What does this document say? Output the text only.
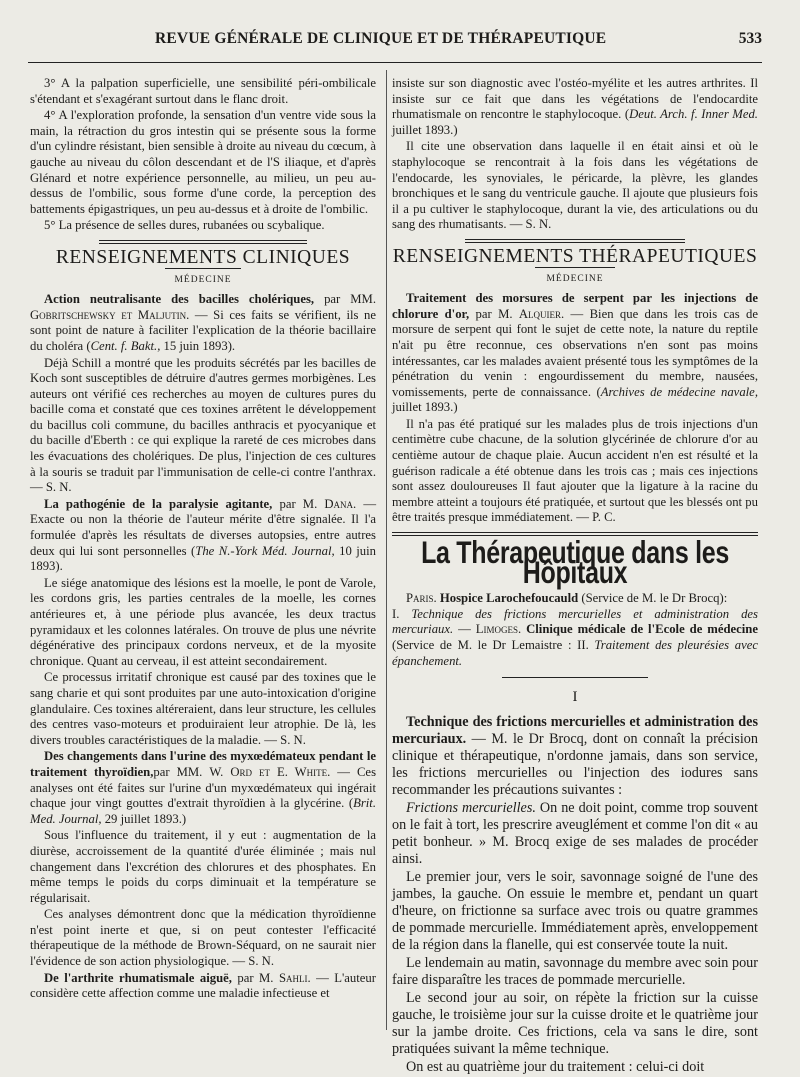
REVUE GÉNÉRALE DE CLINIQUE ET DE THÉRAPEUTIQUE	533

3° A la palpation superficielle, une sensibilité péri-ombilicale s'étendant et s'exagérant surtout dans le flanc droit.

4° A l'exploration profonde, la sensation d'un ventre vide sous la main, la rétraction du gros intestin qui se présente sous la forme d'un cylindre résistant, bien sensible à droite au niveau du cœcum, à gauche au niveau du côlon descendant et de l'S iliaque, et d'après Glénard et notre expérience personnelle, au milieu, un peu au-dessus de l'ombilic, sous forme d'une corde, la perception des battements épigastriques, un peu au-dessus et à droite de l'ombilic.

5° La présence de selles dures, rubanées ou scybalique.

RENSEIGNEMENTS CLINIQUES
MÉDECINE

Action neutralisante des bacilles cholériques, par MM. Gobritschewsky et Maljutin. — Si ces faits se vérifient, ils ne sont point de nature à faciliter l'explication de la théorie bacillaire du choléra (Cent. f. Bakt., 15 juin 1893).

Déjà Schill a montré que les produits sécrétés par les bacilles de Koch sont susceptibles de détruire d'autres germes morbigènes. Les auteurs ont vérifié ces recherches au moyen de cultures pures du bacille coma et constaté que ces toxines arrêtent le développement du bacillus coli commune, du bacilles anthracis et pyocyanique et du bacille d'Eberth : ce qui explique la rareté de ces microbes dans les évacuations des cholériques. De plus, l'injection de ces cultures à la souris se traduit par l'immunisation de celle-ci contre l'anthrax. — S. N.

La pathogénie de la paralysie agitante, par M. Dana. — Exacte ou non la théorie de l'auteur mérite d'être signalée. Il l'a formulée d'après les résultats de diverses autopsies, entre autres deux qui lui sont personnelles (The N.-York Méd. Journal, 10 juin 1893).

Le siége anatomique des lésions est la moelle, le pont de Varole, les cordons gris, les parties centrales de la moelle, les cornes antérieures et, à une période plus avancée, les deux tractus pyramidaux et les colonnes latérales. On trouve de plus une névrite dégénérative des principaux cordons nerveux, et de la myosite chronique. Quant au cerveau, il est atteint secondairement.

Ce processus irritatif chronique est causé par des toxines que le sang charie et qui sont produites par une auto-intoxication d'origine glandulaire. Ces toxines altéreraient, dans leur structure, les cellules des centres vaso-moteurs et produiraient leur atrophie. De là, les divers troubles caractéristiques de la maladie. — S. N.

Des changements dans l'urine des myxœdémateux pendant le traitement thyroïdien,par MM. W. Ord et E. White. — Ces analyses ont été faites sur l'urine d'un myxœdémateux qui ingérait chaque jour vingt gouttes d'extrait thyroïdien à la glycérine. (Brit. Med. Journal, 29 juillet 1893.)

Sous l'influence du traitement, il y eut : augmentation de la diurèse, accroissement de la quantité d'urée éliminée ; mais nul changement dans l'excrétion des chlorures et des phosphates. En même temps le poids du corps diminuait et la température se régularisait.

Ces analyses démontrent donc que la médication thyroïdienne n'est point inerte et que, si on peut contester l'efficacité thérapeutique de la méthode de Brown-Séquard, on ne saurait nier l'évidence de son action physiologique. — S. N.

De l'arthrite rhumatismale aiguë, par M. Sahli. — L'auteur considère cette affection comme une maladie infectieuse et

insiste sur son diagnostic avec l'ostéo-myélite et les autres arthrites. Il insiste sur ce fait que dans les végétations de l'endocardite rhumatismale on rencontre le staphylocoque. (Deut. Arch. f. Inner Med. juillet 1893.)

Il cite une observation dans laquelle il en était ainsi et où le staphylocoque se rencontrait à la fois dans les végétations de l'endocarde, les synoviales, le péricarde, la plèvre, les glandes bronchiques et le sang du ventricule gauche. Il ajoute que plusieurs fois il a pu cultiver le staphylocoque, durant la vie, des articulations ou du sang des rhumatisants. — S. N.

RENSEIGNEMENTS THÉRAPEUTIQUES
MÉDECINE

Traitement des morsures de serpent par les injections de chlorure d'or, par M. Alquier. — Bien que dans les trois cas de morsure de serpent qui font le sujet de cette note, la nature du reptile n'ait pu être reconnue, ces observations n'en sont pas moins intéressantes, car les malades avaient présenté tous les symptômes de la pénétration du venin : engourdissement du membre, nausées, vomissements, perte de connaissance. (Archives de médecine navale, juillet 1893.)

Il n'a pas été pratiqué sur les malades plus de trois injections d'un centimètre cube chacune, de la solution glycérinée de chlorure d'or au centième autour de chaque plaie. Aucun accident n'en est résulté et la guérison radicale a été obtenue dans les trois cas ; mais ces injections sont assez douloureuses Il faut ajouter que la ligature à la racine du membre atteint a toujours été pratiquée, et surtout que les blessés ont pu être traités presque immédiatement. — P. C.

La Thérapeutique dans les Hôpitaux

Paris. Hospice Larochefoucauld (Service de M. le Dr Brocq):
I. Technique des frictions mercurielles et administration des mercuriaux. — Limoges. Clinique médicale de l'Ecole de médecine (Service de M. le Dr Lemaistre : II. Traitement des pleurésies avec épanchement.

I

Technique des frictions mercurielles et administration des mercuriaux. — M. le Dr Brocq, dont on connaît la précision clinique et thérapeutique, n'ordonne jamais, dans son service, les frictions mercurielles ou l'injection des iodures sans recommander les précautions suivantes :

Frictions mercurielles. On ne doit point, comme trop souvent on le fait à tort, les prescrire aveuglément et comme l'on dit « au petit bonheur. » M. Brocq exige de ses malades de procéder ainsi.

Le premier jour, vers le soir, savonnage soigné de l'une des jambes, la gauche. On essuie le membre et, pendant un quart d'heure, on frictionne sa surface avec trois ou quatre grammes de pommade mercurielle. Immédiatement après, enveloppement de la région dans la flanelle, qui est conservée toute la nuit.

Le lendemain au matin, savonnage du membre avec soin pour faire disparaître les traces de pommade mercurielle.

Le second jour au soir, on répète la friction sur la cuisse gauche, le troisième jour sur la cuisse droite et le quatrième jour sur la jambe droite. Ces frictions, cela va sans le dire, sont pratiquées suivant la même technique.

On est au quatrième jour du traitement : celui-ci doit
